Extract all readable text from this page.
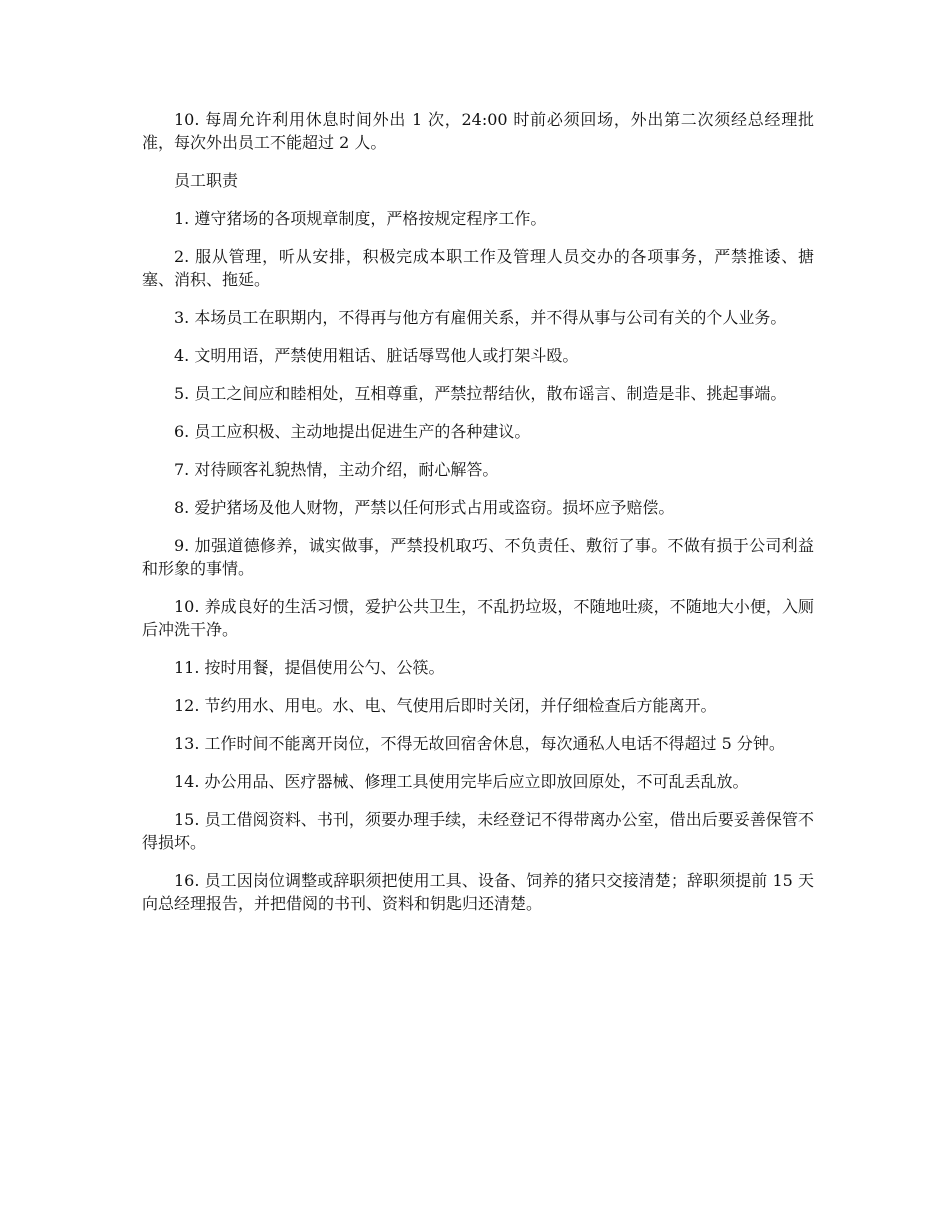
10. 每周允许利用休息时间外出 1 次，24:00 时前必须回场，外出第二次须经总经理批准，每次外出员工不能超过 2 人。

员工职责

1. 遵守猪场的各项规章制度，严格按规定程序工作。

2. 服从管理，听从安排，积极完成本职工作及管理人员交办的各项事务，严禁推诿、搪塞、消积、拖延。

3. 本场员工在职期内，不得再与他方有雇佣关系，并不得从事与公司有关的个人业务。

4. 文明用语，严禁使用粗话、脏话辱骂他人或打架斗殴。

5. 员工之间应和睦相处，互相尊重，严禁拉帮结伙，散布谣言、制造是非、挑起事端。

6. 员工应积极、主动地提出促进生产的各种建议。

7. 对待顾客礼貌热情，主动介绍，耐心解答。

8. 爱护猪场及他人财物，严禁以任何形式占用或盗窃。损坏应予赔偿。

9. 加强道德修养，诚实做事，严禁投机取巧、不负责任、敷衍了事。不做有损于公司利益和形象的事情。

10. 养成良好的生活习惯，爱护公共卫生，不乱扔垃圾，不随地吐痰，不随地大小便，入厕后冲洗干净。

11. 按时用餐，提倡使用公勺、公筷。

12. 节约用水、用电。水、电、气使用后即时关闭，并仔细检查后方能离开。

13. 工作时间不能离开岗位，不得无故回宿舍休息，每次通私人电话不得超过 5 分钟。

14. 办公用品、医疗器械、修理工具使用完毕后应立即放回原处，不可乱丢乱放。

15. 员工借阅资料、书刊，须要办理手续，未经登记不得带离办公室，借出后要妥善保管不得损坏。

16. 员工因岗位调整或辞职须把使用工具、设备、饲养的猪只交接清楚；辞职须提前 15 天向总经理报告，并把借阅的书刊、资料和钥匙归还清楚。
